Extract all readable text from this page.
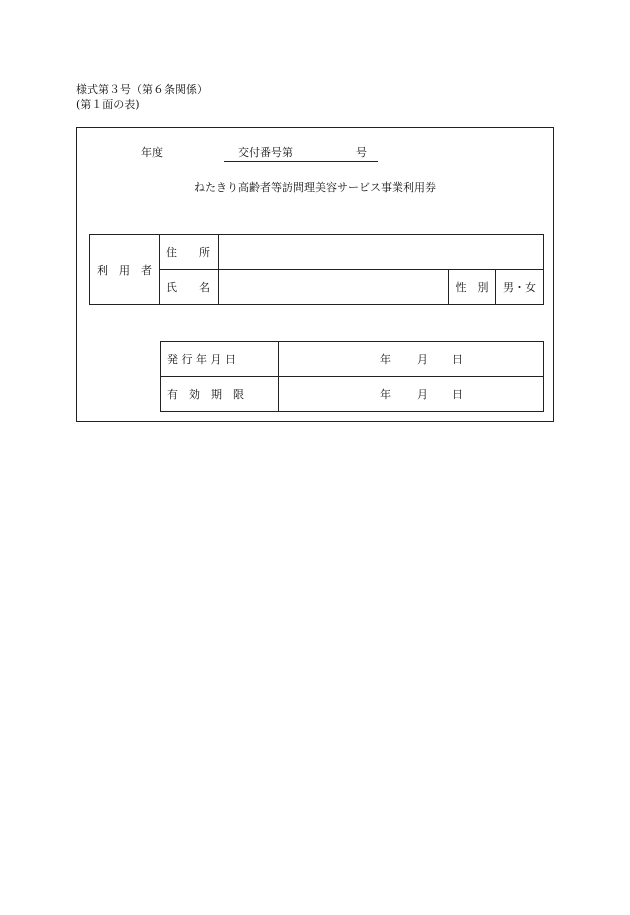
様式第３号（第６条関係）
(第１面の表)
年度	交付番号第	号

ねたきり高齢者等訪問理美容サービス事業利用券
利　用　者	住　　所			
	氏　　名		性　別	男・女
発 行 年 月 日	年 月 日

有　効　期　限	年 月 日
